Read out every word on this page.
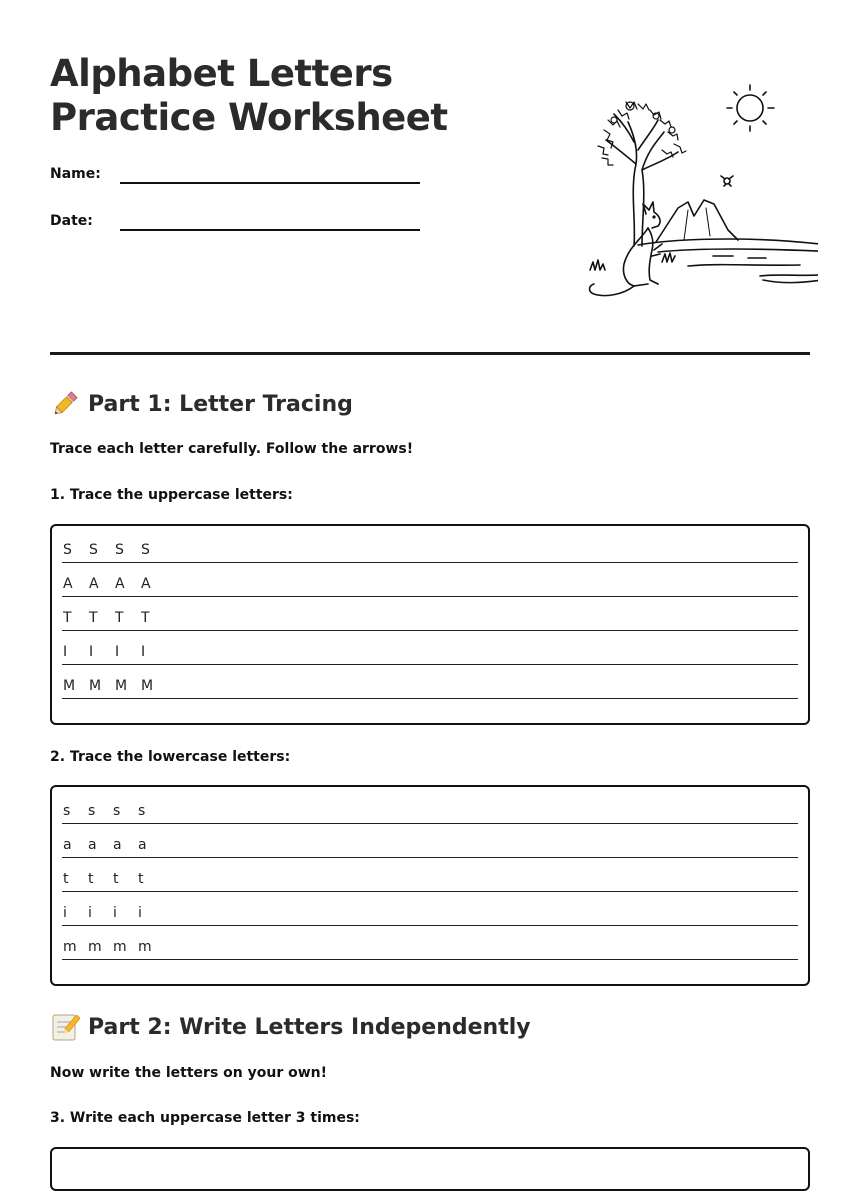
Alphabet Letters
Practice Worksheet
Name:
Date:
Part 1: Letter Tracing
Trace each letter carefully. Follow the arrows!
1. Trace the uppercase letters:
S	S	S	S
A	A	A	A
T	T	T	T
I	I	I	I
M M M M
2. Trace the lowercase letters:
s	s	s	s
a	a	a	a
t	t	t	t
i	i	i	i
m m m m
Part 2: Write Letters Independently
Now write the letters on your own!
3. Write each uppercase letter 3 times:
